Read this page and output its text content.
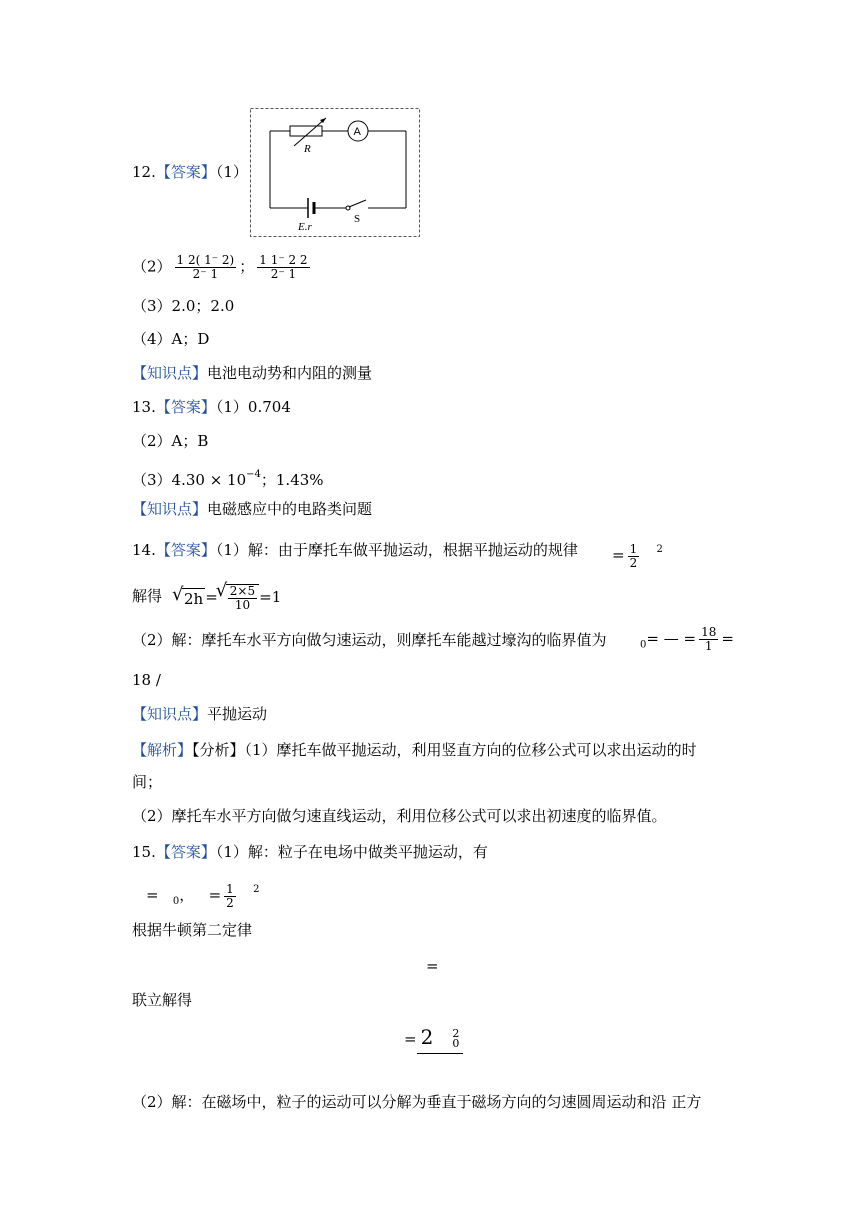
12.【答案】（1）
R
A
E.r
S
$(2) \frac{1 2( 1^- 2)}{2^- 1}$ ； $\frac{1 1^- 2 2}{2^- 1}$
（3）2.0；2.0
（4）A；D
【知识点】电池电动势和内阻的测量
13.【答案】（1）0.704
（2）A；B
$(3)4.30 \times 10^{-4}$；1.43%
【知识点】电磁感应中的电路类问题
14.【答案】（1）解：由于摩托车做平抛运动，根据平抛运动的规律 = $\frac{1}{2} ^2$
解得	√ 2h = √ $\frac{2\times 5}{10} =1$
（2）解：摩托车水平方向做匀速运动，则摩托车能越过壕沟的临界值为	$_0$= — = $\frac{18}{1}$ =
18 /
【知识点】平抛运动
【解析】【分析】（1）摩托车做平抛运动，利用竖直方向的位移公式可以求出运动的时
间；
（2）摩托车水平方向做匀速直线运动，利用位移公式可以求出初速度的临界值。
15.【答案】（1）解：粒子在电场中做类平抛运动，有
= $_0$， = $\frac{1}{2} ^2$
根据牛顿第二定律
=
联立解得
= 2 2
0
（2）解：在磁场中，粒子的运动可以分解为垂直于磁场方向的匀速圆周运动和沿 正方
